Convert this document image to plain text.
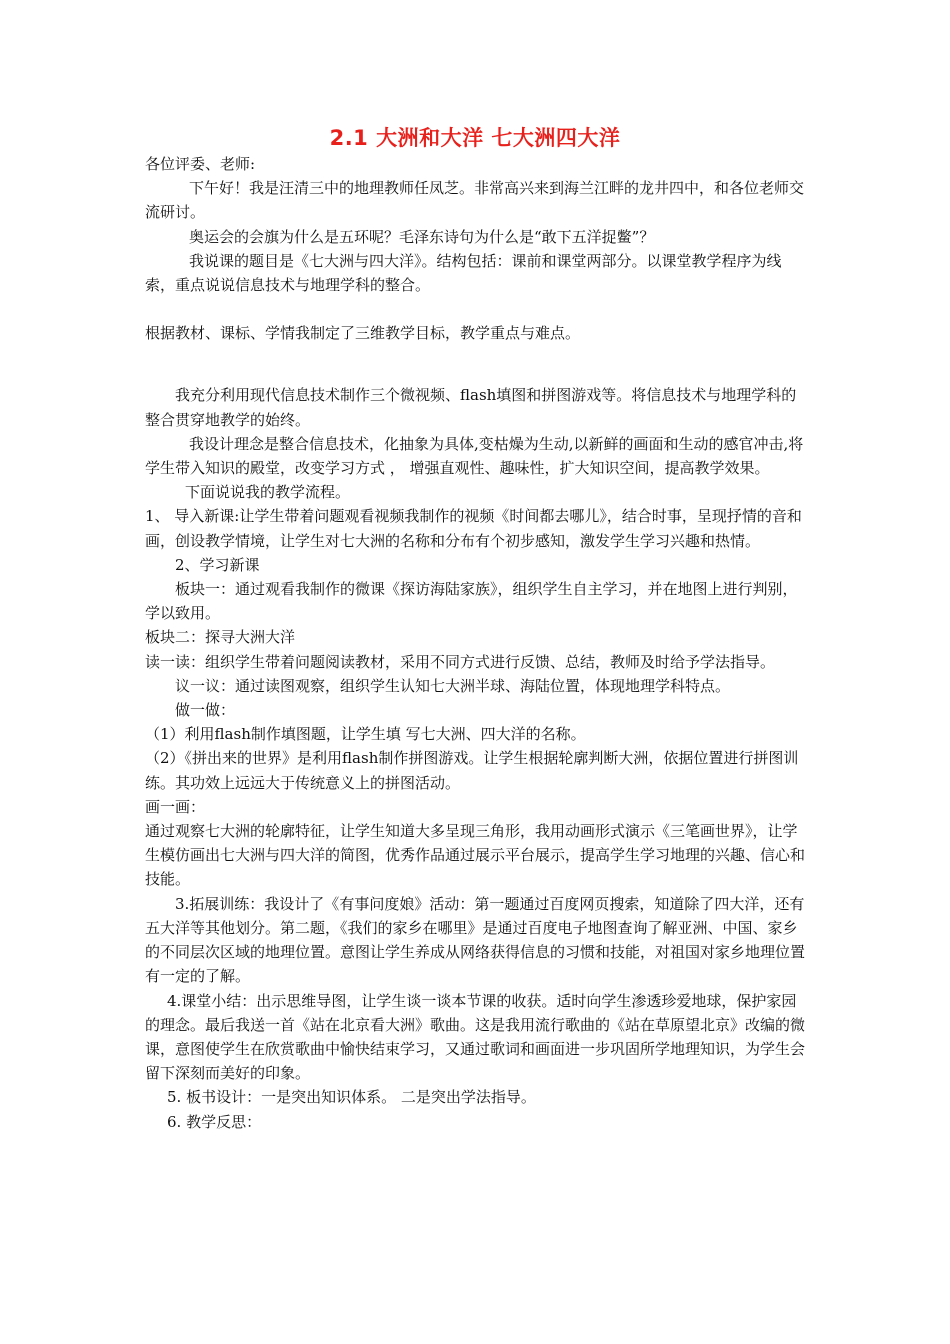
2.1 大洲和大洋 七大洲四大洋

各位评委、老师:

下午好！我是汪清三中的地理教师任凤芝。非常高兴来到海兰江畔的龙井四中，和各位老师交流研讨。

奥运会的会旗为什么是五环呢？毛泽东诗句为什么是“敢下五洋捉鳖”？

我说课的题目是《七大洲与四大洋》。结构包括：课前和课堂两部分。以课堂教学程序为线索，重点说说信息技术与地理学科的整合。

根据教材、课标、学情我制定了三维教学目标，教学重点与难点。

我充分利用现代信息技术制作三个微视频、flash填图和拼图游戏等。将信息技术与地理学科的整合贯穿地教学的始终。

我设计理念是整合信息技术，化抽象为具体,变枯燥为生动,以新鲜的画面和生动的感官冲击,将学生带入知识的殿堂，改变学习方式 ， 增强直观性、趣味性，扩大知识空间，提高教学效果。

下面说说我的教学流程。

1、 导入新课:让学生带着问题观看视频我制作的视频《时间都去哪儿》，结合时事，呈现抒情的音和画，创设教学情境，让学生对七大洲的名称和分布有个初步感知，激发学生学习兴趣和热情。

2、学习新课

板块一：通过观看我制作的微课《探访海陆家族》，组织学生自主学习，并在地图上进行判别，学以致用。

板块二：探寻大洲大洋

读一读：组织学生带着问题阅读教材，采用不同方式进行反馈、总结，教师及时给予学法指导。

议一议：通过读图观察，组织学生认知七大洲半球、海陆位置，体现地理学科特点。

做一做：

（1）利用flash制作填图题，让学生填 写七大洲、四大洋的名称。

（2）《拼出来的世界》是利用flash制作拼图游戏。让学生根据轮廓判断大洲，依据位置进行拼图训练。其功效上远远大于传统意义上的拼图活动。

画一画：

通过观察七大洲的轮廓特征，让学生知道大多呈现三角形，我用动画形式演示《三笔画世界》，让学生模仿画出七大洲与四大洋的简图，优秀作品通过展示平台展示，提高学生学习地理的兴趣、信心和技能。

3.拓展训练：我设计了《有事问度娘》活动：第一题通过百度网页搜索，知道除了四大洋，还有五大洋等其他划分。第二题，《我们的家乡在哪里》是通过百度电子地图查询了解亚洲、中国、家乡的不同层次区域的地理位置。意图让学生养成从网络获得信息的习惯和技能，对祖国对家乡地理位置有一定的了解。

4.课堂小结：出示思维导图，让学生谈一谈本节课的收获。适时向学生渗透珍爱地球，保护家园的理念。最后我送一首《站在北京看大洲》歌曲。这是我用流行歌曲的《站在草原望北京》改编的微课，意图使学生在欣赏歌曲中愉快结束学习，又通过歌词和画面进一步巩固所学地理知识，为学生会留下深刻而美好的印象。

5. 板书设计：一是突出知识体系。 二是突出学法指导。

6. 教学反思：
